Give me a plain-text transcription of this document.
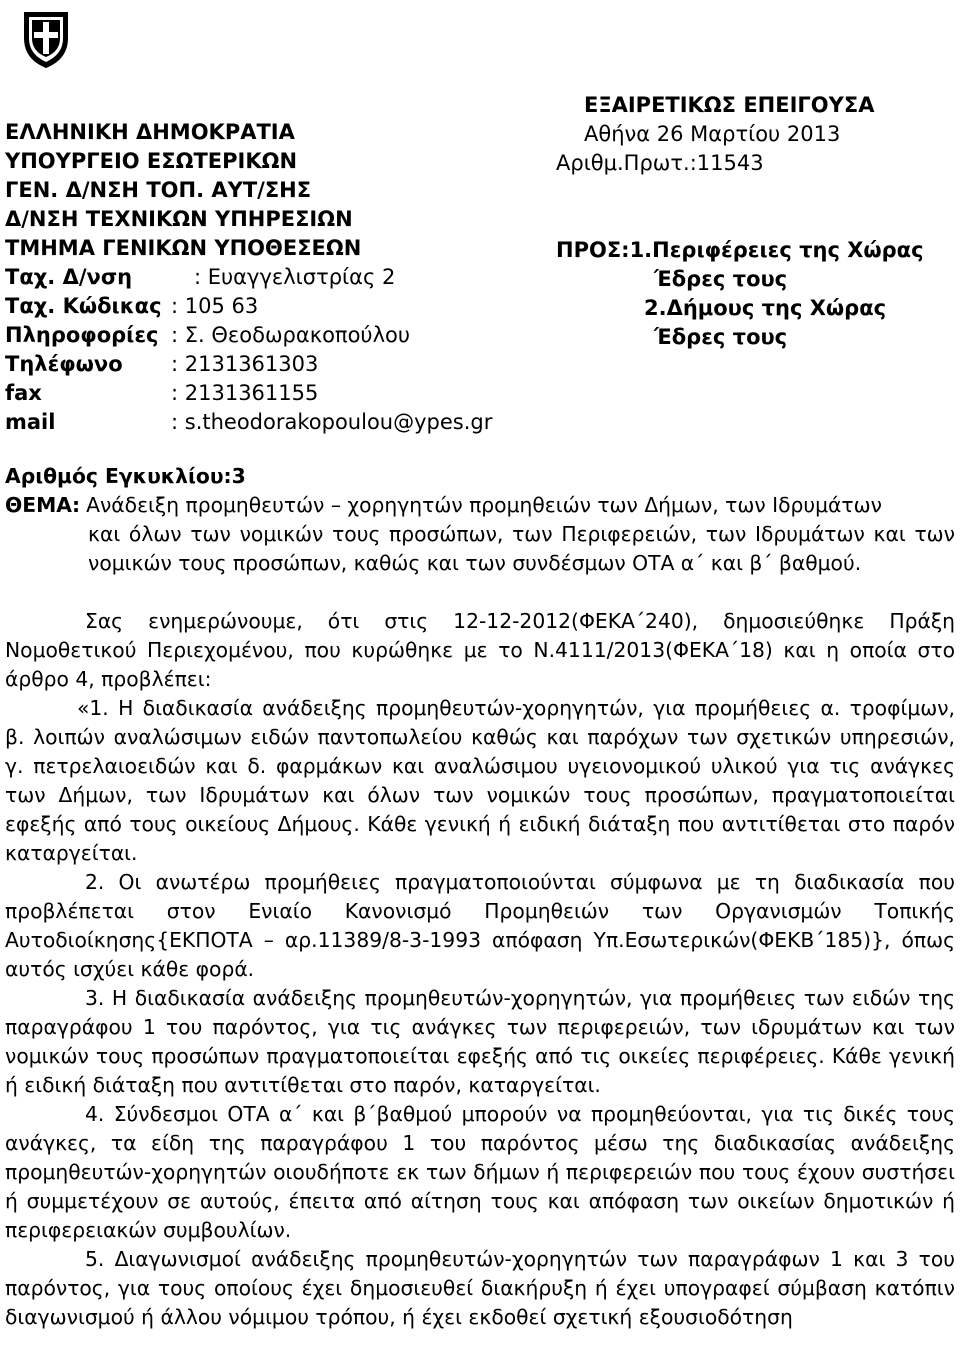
ΕΛΛΗΝΙΚΗ ΔΗΜΟΚΡΑΤΙΑ
ΥΠΟΥΡΓΕΙΟ ΕΣΩΤΕΡΙΚΩΝ
ΓΕΝ. Δ/ΝΣΗ ΤΟΠ. ΑΥΤ/ΣΗΣ
Δ/ΝΣΗ ΤΕΧΝΙΚΩΝ ΥΠΗΡΕΣΙΩΝ
ΤΜΗΜΑ ΓΕΝΙΚΩΝ ΥΠΟΘΕΣΕΩΝ
Ταχ. Δ/νση	: Ευαγγελιστρίας 2
Ταχ. Κώδικας : 105 63
Πληροφορίες : Σ. Θεοδωρακοπούλου
Τηλέφωνο	: 2131361303
fax	: 2131361155
mail	: s.theodorakopoulou@ypes.gr
ΕΞΑΙΡΕΤΙΚΩΣ ΕΠΕΙΓΟΥΣΑ
Αθήνα 26 Μαρτίου 2013
Αριθμ.Πρωτ.:11543
ΠΡΟΣ:1.Περιφέρειες της Χώρας
Έδρες τους
2.Δήμους της Χώρας
Έδρες τους

Αριθμός Εγκυκλίου:3

ΘΕΜΑ: Ανάδειξη προμηθευτών – χορηγητών προμηθειών των Δήμων, των Ιδρυμάτων

και όλων των νομικών τους προσώπων, των Περιφερειών, των Ιδρυμάτων και των νομικών τους προσώπων, καθώς και των συνδέσμων ΟΤΑ α΄ και β΄ βαθμού.

Σας ενημερώνουμε, ότι στις 12-12-2012(ΦΕΚΑ΄240), δημοσιεύθηκε Πράξη Νομοθετικού Περιεχομένου, που κυρώθηκε με το Ν.4111/2013(ΦΕΚΑ΄18) και η οποία στο άρθρο 4, προβλέπει:

«1. Η διαδικασία ανάδειξης προμηθευτών-χορηγητών, για προμήθειες α. τροφίμων, β. λοιπών αναλώσιμων ειδών παντοπωλείου καθώς και παρόχων των σχετικών υπηρεσιών, γ. πετρελαιοειδών και δ. φαρμάκων και αναλώσιμου υγειονομικού υλικού για τις ανάγκες των Δήμων, των Ιδρυμάτων και όλων των νομικών τους προσώπων, πραγματοποιείται εφεξής από τους οικείους Δήμους. Κάθε γενική ή ειδική διάταξη που αντιτίθεται στο παρόν καταργείται.

2. Οι ανωτέρω προμήθειες πραγματοποιούνται σύμφωνα με τη διαδικασία που προβλέπεται στον Ενιαίο Κανονισμό Προμηθειών των Οργανισμών Τοπικής Αυτοδιοίκησης{ΕΚΠΟΤΑ – αρ.11389/8-3-1993 απόφαση Υπ.Εσωτερικών(ΦΕΚΒ΄185)}, όπως αυτός ισχύει κάθε φορά.

3. Η διαδικασία ανάδειξης προμηθευτών-χορηγητών, για προμήθειες των ειδών της παραγράφου 1 του παρόντος, για τις ανάγκες των περιφερειών, των ιδρυμάτων και των νομικών τους προσώπων πραγματοποιείται εφεξής από τις οικείες περιφέρειες. Κάθε γενική ή ειδική διάταξη που αντιτίθεται στο παρόν, καταργείται.

4. Σύνδεσμοι ΟΤΑ α΄ και β΄βαθμού μπορούν να προμηθεύονται, για τις δικές τους ανάγκες, τα είδη της παραγράφου 1 του παρόντος μέσω της διαδικασίας ανάδειξης προμηθευτών-χορηγητών οιουδήποτε εκ των δήμων ή περιφερειών που τους έχουν συστήσει ή συμμετέχουν σε αυτούς, έπειτα από αίτηση τους και απόφαση των οικείων δημοτικών ή περιφερειακών συμβουλίων.

5. Διαγωνισμοί ανάδειξης προμηθευτών-χορηγητών των παραγράφων 1 και 3 του παρόντος, για τους οποίους έχει δημοσιευθεί διακήρυξη ή έχει υπογραφεί σύμβαση κατόπιν διαγωνισμού ή άλλου νόμιμου τρόπου, ή έχει εκδοθεί σχετική εξουσιοδότηση
